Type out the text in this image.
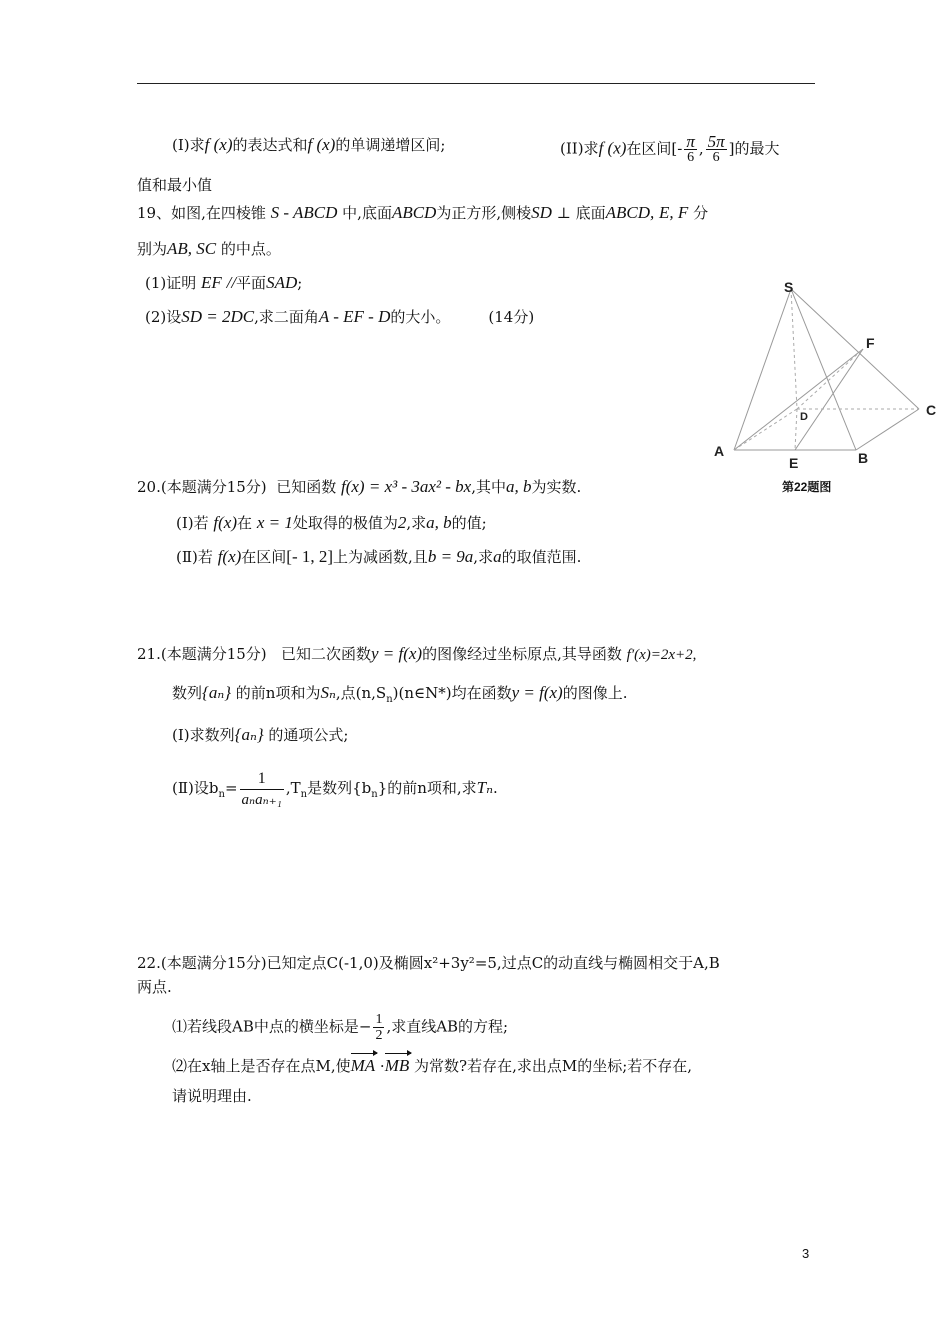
(I)求f (x)的表达式和f (x)的单调递增区间;	(II)求f (x)在区间[- $\frac{\pi}{6}$ , $\frac{5\pi}{6}$ ]的最大
值和最小值
19、如图,在四棱锥 S - ABCD 中,底面ABCD为正方形,侧棱SD ⊥ 底面ABCD, E, F 分
别为AB, SC 的中点。
(1)证明 EF //平面SAD;
(2)设SD = 2DC,求二面角A - EF - D的大小。	(14分)
S
F
C
D
A
E	B
第22题图
20.(本题满分15分) 已知函数 f(x) = x³ - 3ax² - bx,其中a, b为实数.
(Ⅰ)若 f(x)在 x = 1处取得的极值为2,求a, b的值;
(Ⅱ)若 f(x)在区间[- 1, 2]上为减函数,且b = 9a,求a的取值范围.
21.(本题满分15分) 已知二次函数y = f(x)的图像经过坐标原点,其导函数 f′(x)=2x+2,
数列{aₙ} 的前n项和为Sₙ,点$(n,S_n)(n\in N*)$均在函数y = f(x)的图像上.
(Ⅰ)求数列{aₙ} 的通项公式;
(Ⅱ)设$b_n= \frac{1}{\text{aₙaₙ₊₁}} ,T_n$是数列$\{b_n\}$的前n项和,求Tₙ.
22.(本题满分15分)已知定点C(-1,0)及椭圆x²+3y²=5,过点C的动直线与椭圆相交于A,B
两点.
⑴若线段AB中点的横坐标是− $\frac{1}{2}$ ,求直线AB的方程;
⑵在x轴上是否存在点M,使MA ·MB 为常数?若存在,求出点M的坐标;若不存在,
请说明理由.
3
